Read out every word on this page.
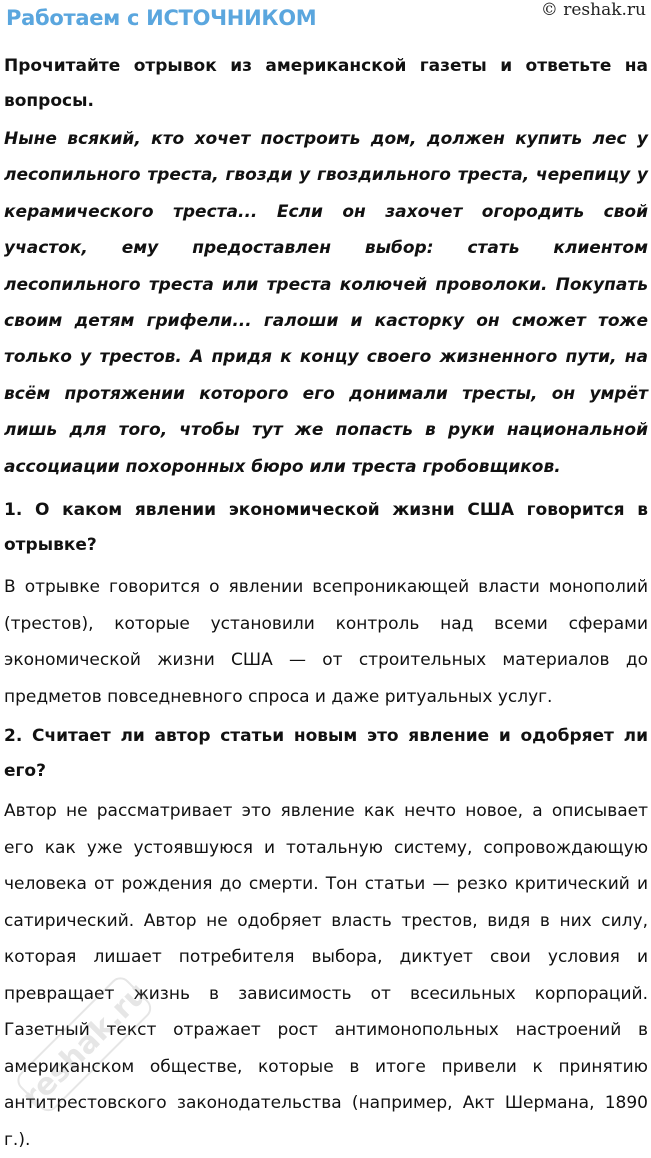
Работаем с ИСТОЧНИКОМ	© reshak.ru

Прочитайте отрывок из американской газеты и ответьте на вопросы.

Ныне всякий, кто хочет построить дом, должен купить лес у лесопильного треста, гвозди у гвоздильного треста, черепицу у керамического треста... Если он захочет огородить свой участок, ему предоставлен выбор: стать клиентом лесопильного треста или треста колючей проволоки. Покупать своим детям грифели... галоши и касторку он сможет тоже только у трестов. А придя к концу своего жизненного пути, на всём протяжении которого его донимали тресты, он умрёт лишь для того, чтобы тут же попасть в руки национальной ассоциации похоронных бюро или треста гробовщиков.

1. О каком явлении экономической жизни США говорится в отрывке?

В отрывке говорится о явлении всепроникающей власти монополий (трестов), которые установили контроль над всеми сферами экономической жизни США — от строительных материалов до предметов повседневного спроса и даже ритуальных услуг.

2. Считает ли автор статьи новым это явление и одобряет ли его?

Автор не рассматривает это явление как нечто новое, а описывает его как уже устоявшуюся и тотальную систему, сопровождающую человека от рождения до смерти. Тон статьи — резко критический и сатирический. Автор не одобряет власть трестов, видя в них силу, которая лишает потребителя выбора, диктует свои условия и превращает жизнь в зависимость от всесильных корпораций. Газетный текст отражает рост антимонопольных настроений в американском обществе, которые в итоге привели к принятию антитрестовского законодательства (например, Акт Шермана, 1890 г.).

reshak.ru
